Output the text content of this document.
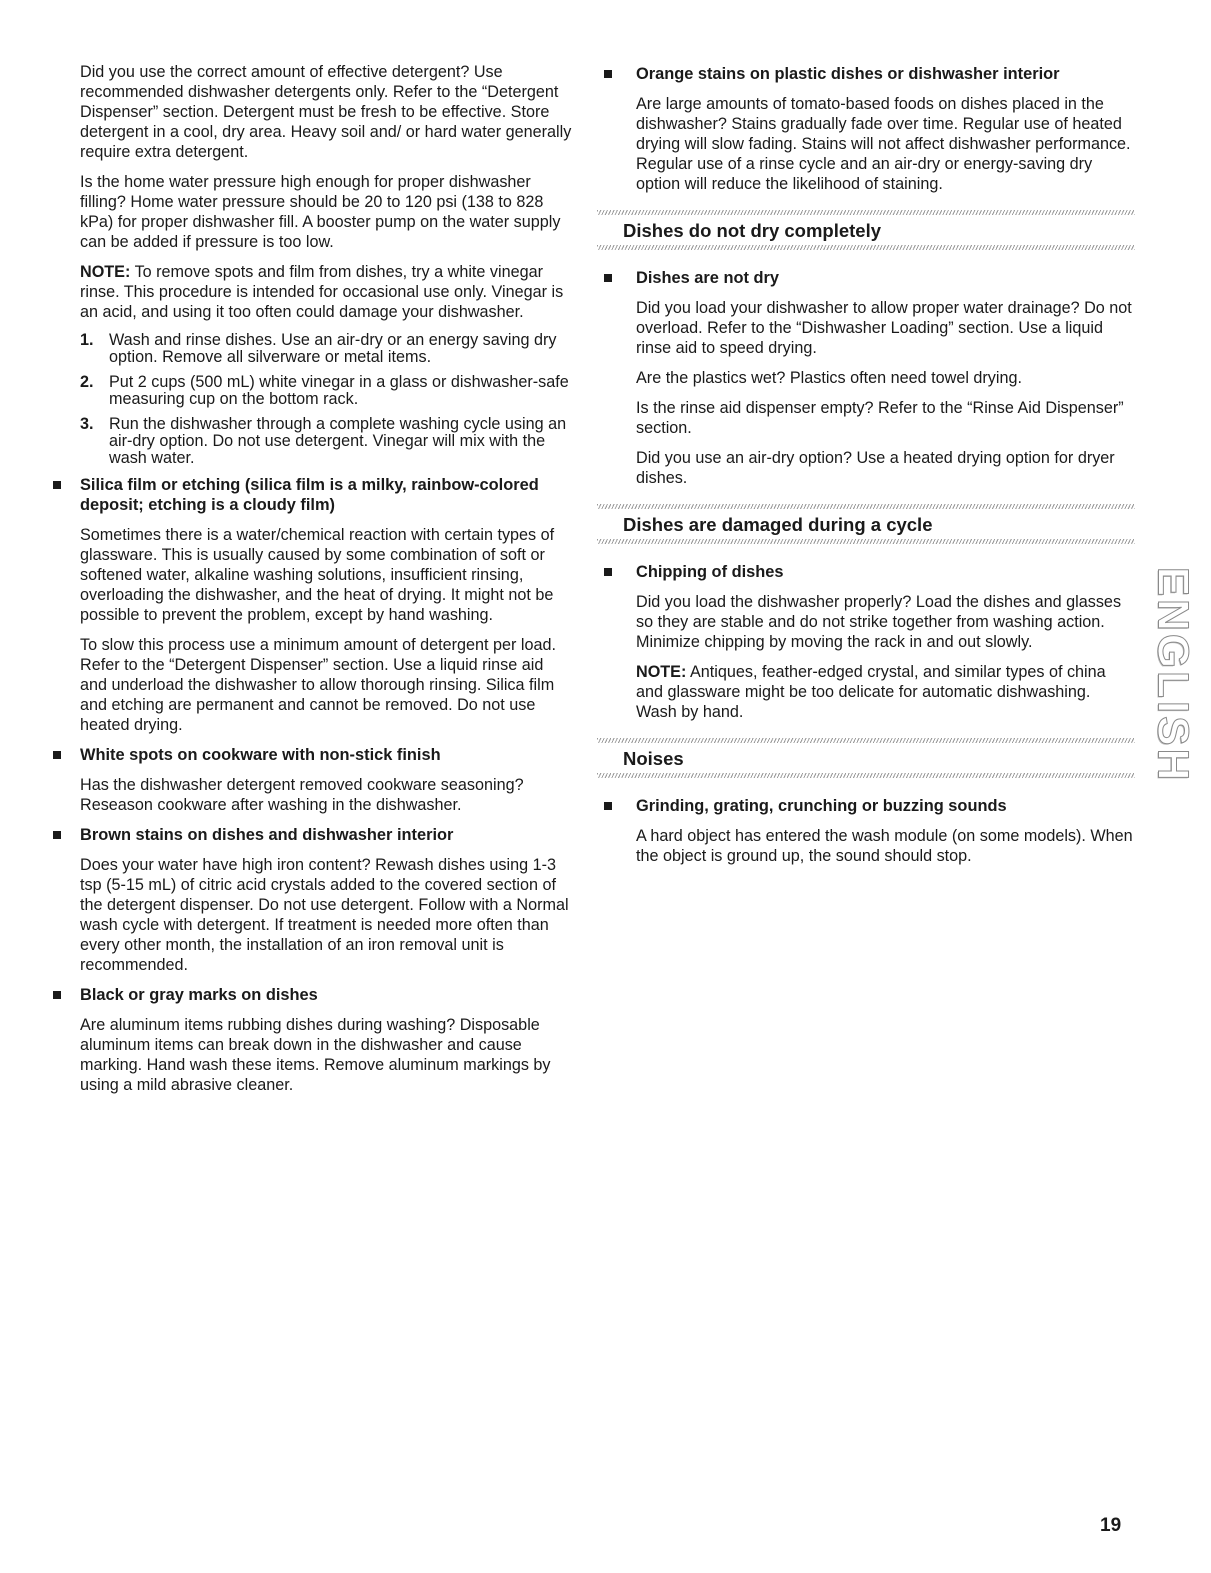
Did you use the correct amount of effective detergent? Use recommended dishwasher detergents only. Refer to the “Detergent Dispenser” section. Detergent must be fresh to be effective. Store detergent in a cool, dry area. Heavy soil and/ or hard water generally require extra detergent.

Is the home water pressure high enough for proper dishwasher filling? Home water pressure should be 20 to 120 psi (138 to 828 kPa) for proper dishwasher fill. A booster pump on the water supply can be added if pressure is too low.

NOTE: To remove spots and film from dishes, try a white vinegar rinse. This procedure is intended for occasional use only. Vinegar is an acid, and using it too often could damage your dishwasher.

1. Wash and rinse dishes. Use an air-dry or an energy saving dry option. Remove all silverware or metal items.
2. Put 2 cups (500 mL) white vinegar in a glass or dishwasher-safe measuring cup on the bottom rack.
3. Run the dishwasher through a complete washing cycle using an air-dry option. Do not use detergent. Vinegar will mix with the wash water.
Silica film or etching (silica film is a milky, rainbow-colored deposit; etching is a cloudy film)

Sometimes there is a water/chemical reaction with certain types of glassware. This is usually caused by some combination of soft or softened water, alkaline washing solutions, insufficient rinsing, overloading the dishwasher, and the heat of drying. It might not be possible to prevent the problem, except by hand washing.

To slow this process use a minimum amount of detergent per load. Refer to the “Detergent Dispenser” section. Use a liquid rinse aid and underload the dishwasher to allow thorough rinsing. Silica film and etching are permanent and cannot be removed. Do not use heated drying.

White spots on cookware with non-stick finish

Has the dishwasher detergent removed cookware seasoning? Reseason cookware after washing in the dishwasher.

Brown stains on dishes and dishwasher interior

Does your water have high iron content? Rewash dishes using 1-3 tsp (5-15 mL) of citric acid crystals added to the covered section of the detergent dispenser. Do not use detergent. Follow with a Normal wash cycle with detergent. If treatment is needed more often than every other month, the installation of an iron removal unit is recommended.

Black or gray marks on dishes

Are aluminum items rubbing dishes during washing? Disposable aluminum items can break down in the dishwasher and cause marking. Hand wash these items. Remove aluminum markings by using a mild abrasive cleaner.

Orange stains on plastic dishes or dishwasher interior

Are large amounts of tomato-based foods on dishes placed in the dishwasher? Stains gradually fade over time. Regular use of heated drying will slow fading. Stains will not affect dishwasher performance. Regular use of a rinse cycle and an air-dry or energy-saving dry option will reduce the likelihood of staining.

Dishes do not dry completely
Dishes are not dry

Did you load your dishwasher to allow proper water drainage? Do not overload. Refer to the “Dishwasher Loading” section. Use a liquid rinse aid to speed drying.

Are the plastics wet? Plastics often need towel drying.

Is the rinse aid dispenser empty? Refer to the “Rinse Aid Dispenser” section.

Did you use an air-dry option? Use a heated drying option for dryer dishes.

Dishes are damaged during a cycle
Chipping of dishes

Did you load the dishwasher properly? Load the dishes and glasses so they are stable and do not strike together from washing action. Minimize chipping by moving the rack in and out slowly.

NOTE: Antiques, feather-edged crystal, and similar types of china and glassware might be too delicate for automatic dishwashing. Wash by hand.

Noises
Grinding, grating, crunching or buzzing sounds

A hard object has entered the wash module (on some models). When the object is ground up, the sound should stop.

ENGLISH
19
